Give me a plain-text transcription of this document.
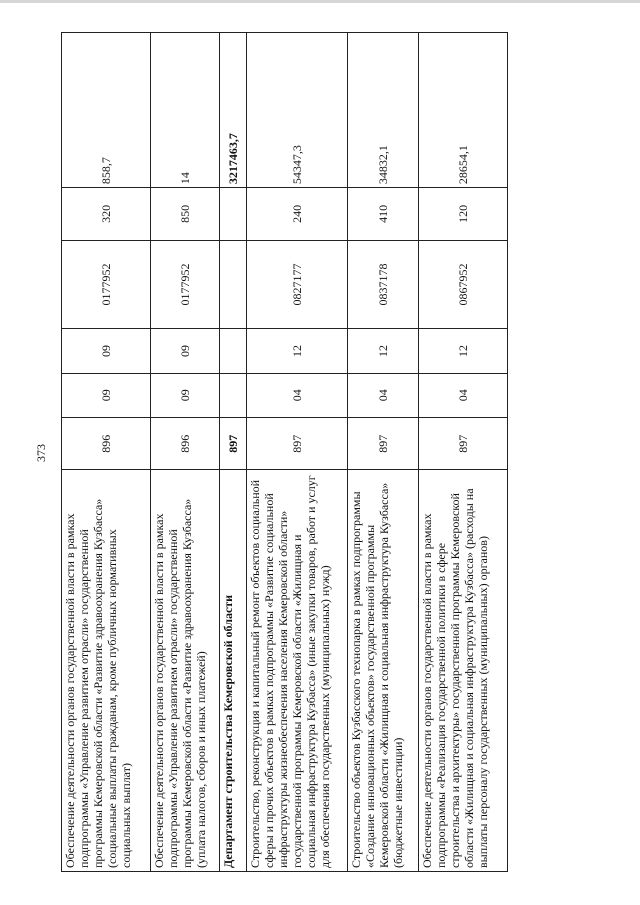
373
Обеспечение деятельности органов государственной власти в рамках подпрограммы «Управление развитием отрасли» государственной программы Кемеровской области «Развитие здравоохранения Кузбасса» (социальные выплаты гражданам, кроме публичных нормативных социальных выплат)	896	09	09	0177952	320	858,7
Обеспечение деятельности органов государственной власти в рамках подпрограммы «Управление развитием отрасли» государственной программы Кемеровской области «Развитие здравоохранения Кузбасса» (уплата налогов, сборов и иных платежей)	896	09	09	0177952	850	14
Департамент строительства Кемеровской области	897					3217463,7
Строительство, реконструкция и капитальный ремонт объектов социальной сферы и прочих объектов в рамках подпрограммы «Развитие социальной инфраструктуры жизнеобеспечения населения Кемеровской области» государственной программы Кемеровской области «Жилищная и социальная инфраструктура Кузбасса» (иные закупки товаров, работ и услуг для обеспечения государственных (муниципальных) нужд)	897	04	12	0827177	240	54347,3
Строительство объектов Кузбасского технопарка в рамках подпрограммы «Создание инновационных объектов» государственной программы Кемеровской области «Жилищная и социальная инфраструктура Кузбасса» (бюджетные инвестиции)	897	04	12	0837178	410	34832,1
Обеспечение деятельности органов государственной власти в рамках подпрограммы «Реализация государственной политики в сфере строительства и архитектуры» государственной программы Кемеровской области «Жилищная и социальная инфраструктура Кузбасса» (расходы на выплаты персоналу государственных (муниципальных) органов)	897	04	12	0867952	120	28654,1
